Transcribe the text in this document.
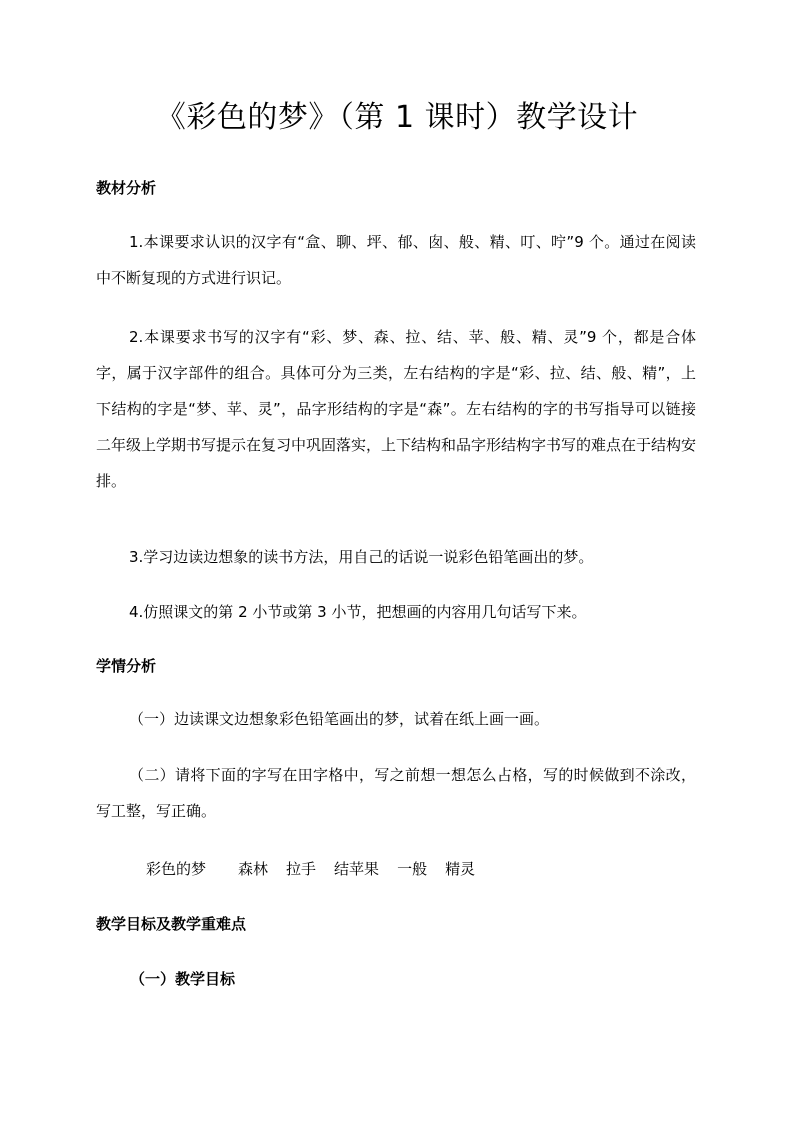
《彩色的梦》（第 1 课时）教学设计
教材分析
1.本课要求认识的汉字有“盒、聊、坪、郁、囱、般、精、叮、咛”9 个。通过在阅读中不断复现的方式进行识记。
2.本课要求书写的汉字有“彩、梦、森、拉、结、苹、般、精、灵”9 个，都是合体字，属于汉字部件的组合。具体可分为三类，左右结构的字是“彩、拉、结、般、精”，上下结构的字是“梦、苹、灵”，品字形结构的字是“森”。左右结构的字的书写指导可以链接二年级上学期书写提示在复习中巩固落实，上下结构和品字形结构字书写的难点在于结构安排。
3.学习边读边想象的读书方法，用自己的话说一说彩色铅笔画出的梦。
4.仿照课文的第 2 小节或第 3 小节，把想画的内容用几句话写下来。
学情分析
（一）边读课文边想象彩色铅笔画出的梦，试着在纸上画一画。
（二）请将下面的字写在田字格中，写之前想一想怎么占格，写的时候做到不涂改，写工整，写正确。
彩色的梦 森林 拉手 结苹果 一般 精灵
教学目标及教学重难点
（一）教学目标
